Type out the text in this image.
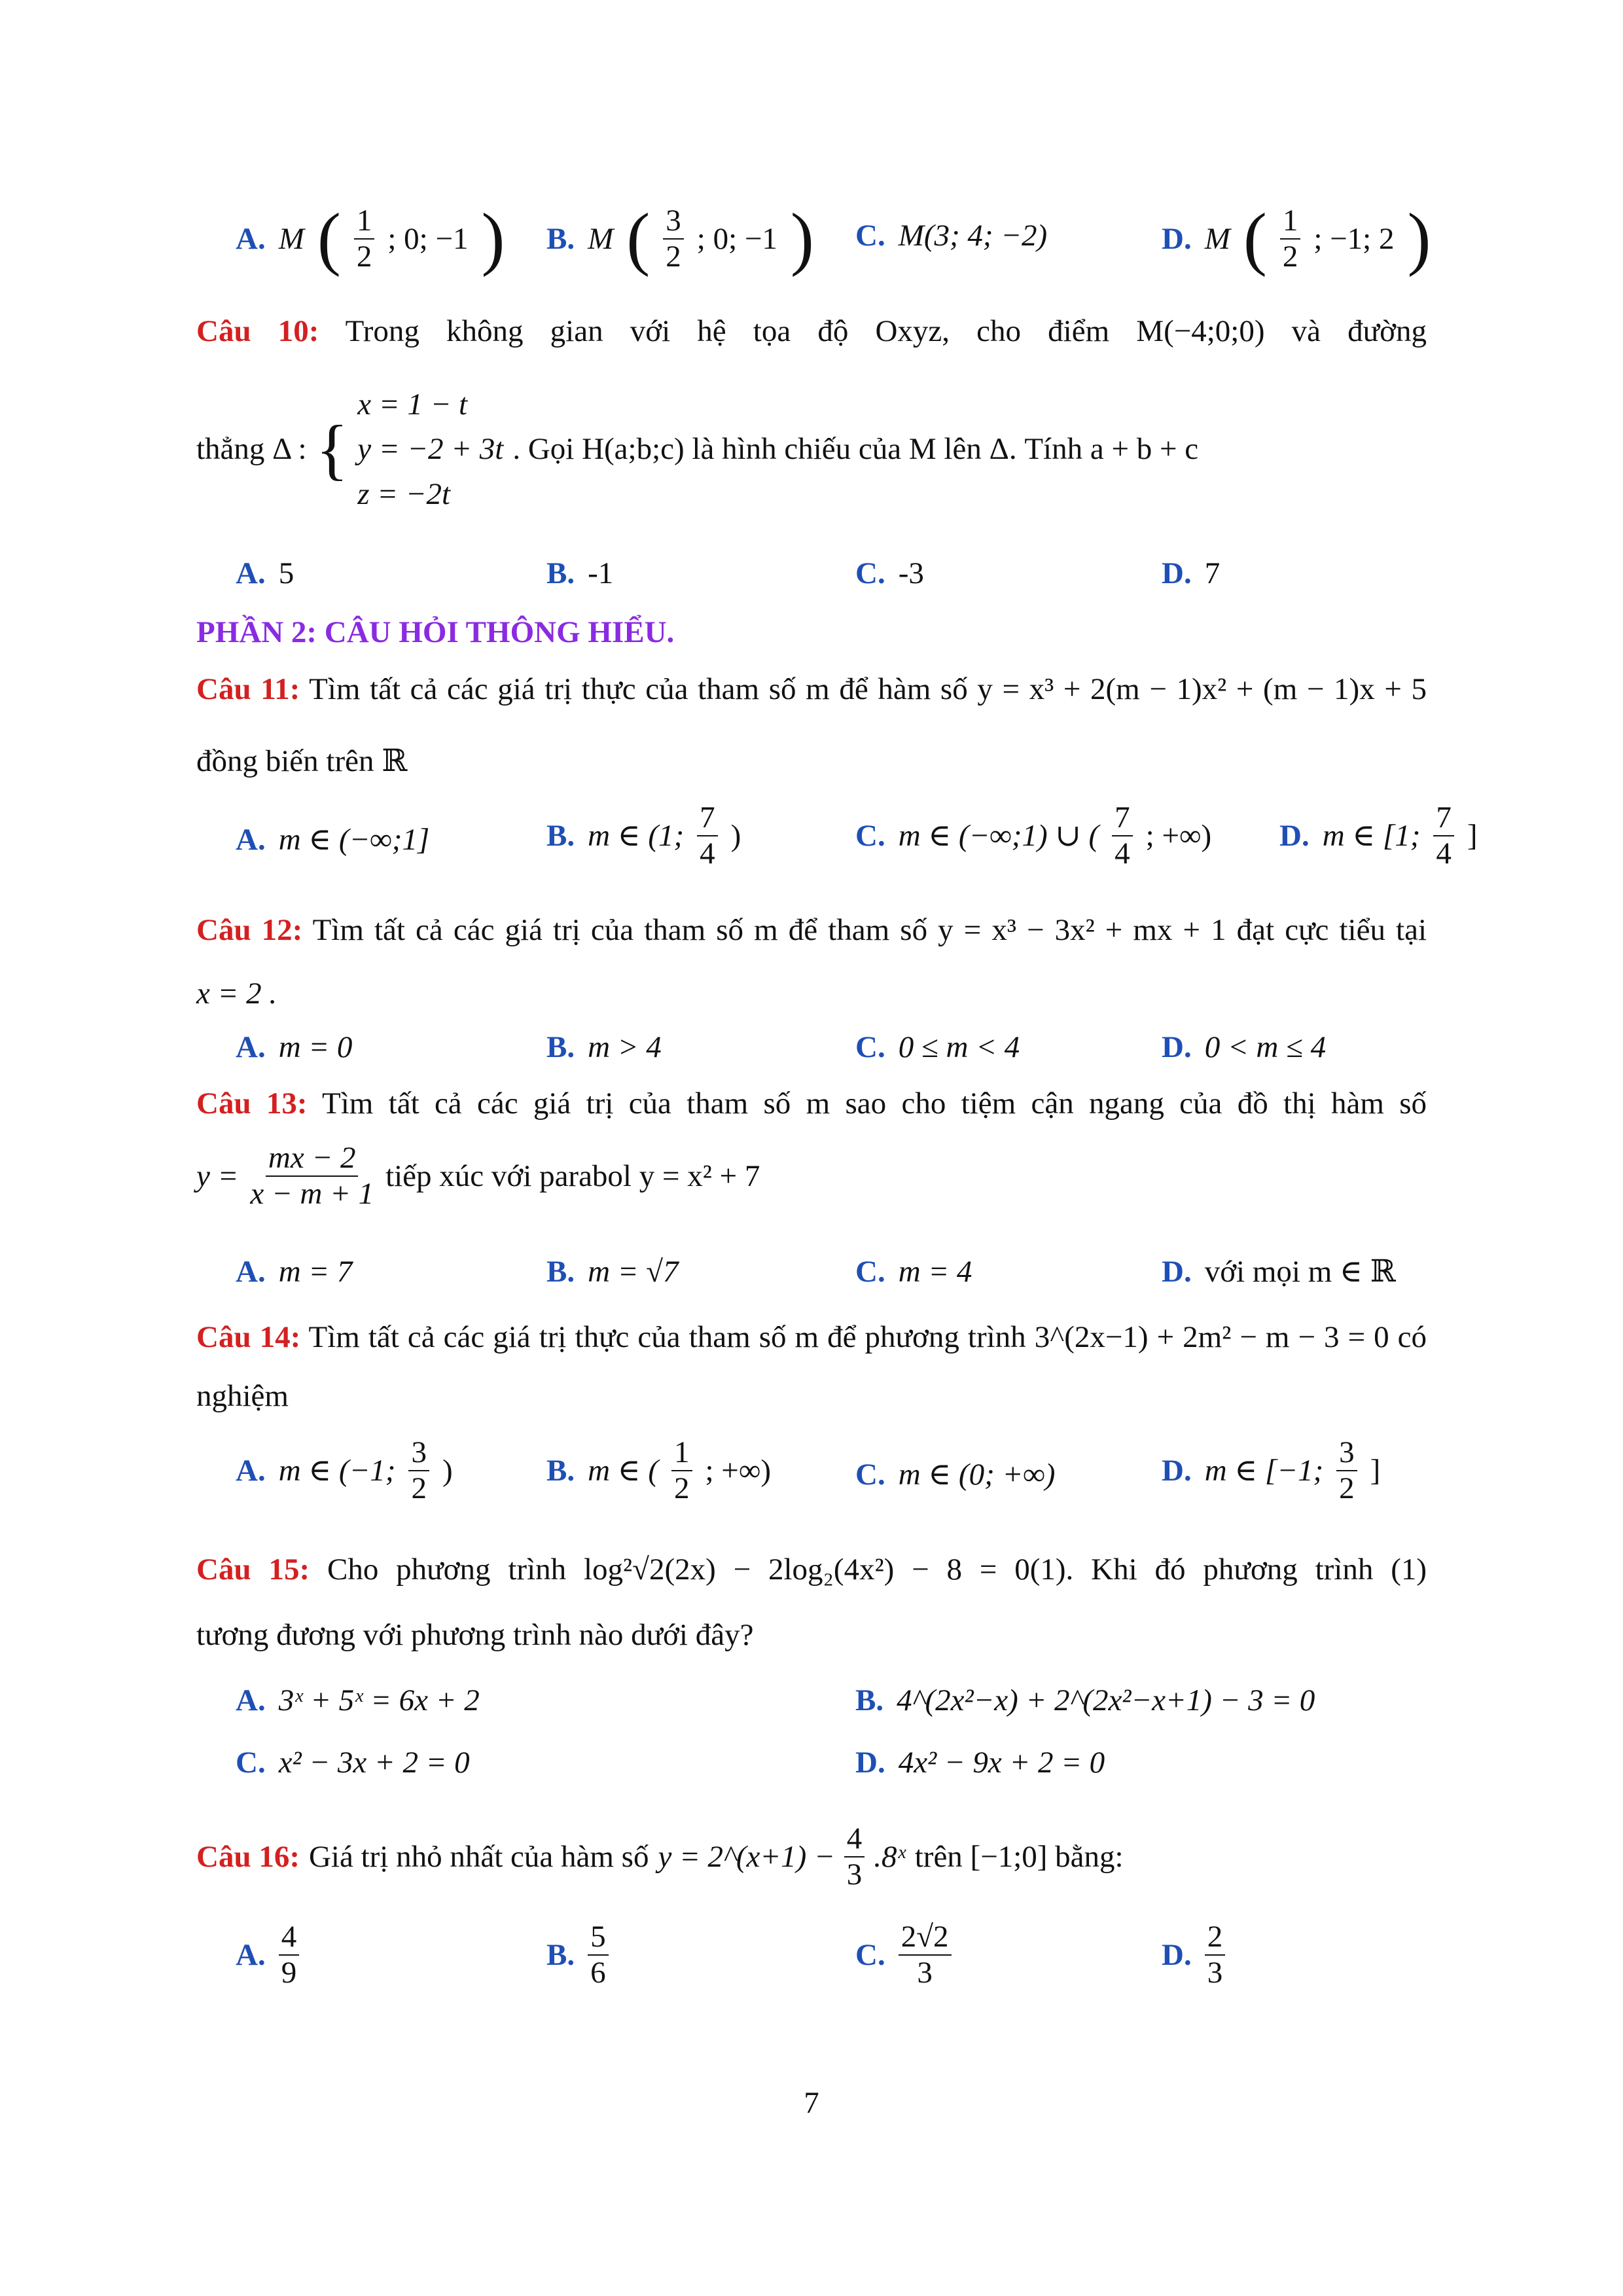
A. M ( $\frac{1}{2}$ ; 0; −1 ) B. M ( $\frac{3}{2}$ ; 0; −1 ) C. M(3; 4; −2)	D. M ( $\frac{1}{2}$ ; −1; 2 )
Câu 10: Trong không gian với hệ tọa độ Oxyz, cho điểm M(−4;0;0) và đường
thẳng Δ : {
x = 1 − t
y = −2 + 3t
z = −2t
. Gọi H(a;b;c) là hình chiếu của M lên Δ. Tính a + b + c
A. 5	B. -1	C. -3	D. 7
PHẦN 2: CÂU HỎI THÔNG HIỂU.
Câu 11: Tìm tất cả các giá trị thực của tham số m để hàm số y = x³ + 2(m − 1)x² + (m − 1)x + 5
đồng biến trên ℝ
A. m ∈ (−∞;1]	B. m ∈ (1; $\frac{7}{4}$ )	C. m ∈ (−∞;1) ∪ ( $\frac{7}{4}$ ; +∞) D. m ∈ [1; $\frac{7}{4}$ ]
Câu 12: Tìm tất cả các giá trị của tham số m để tham số y = x³ − 3x² + mx + 1 đạt cực tiểu tại
x = 2 .
A. m = 0	B. m > 4	C. 0 ≤ m < 4	D. 0 < m ≤ 4
Câu 13: Tìm tất cả các giá trị của tham số m sao cho tiệm cận ngang của đồ thị hàm số
$y = \frac{mx - 2}{x - m + 1}$ tiếp xúc với parabol y = x² + 7
A. m = 7	B. m = √7	C. m = 4	D. với mọi m ∈ ℝ
Câu 14: Tìm tất cả các giá trị thực của tham số m để phương trình 3^(2x−1) + 2m² − m − 3 = 0 có
nghiệm
A. m ∈ (−1; $\frac{3}{2}$ )	B. m ∈ ( $\frac{1}{2}$ ; +∞)	C. m ∈ (0; +∞)	D. m ∈ [−1; $\frac{3}{2}$ ]
Câu 15: Cho phương trình log²√2(2x) − 2log₂(4x²) − 8 = 0(1). Khi đó phương trình (1)
tương đương với phương trình nào dưới đây?
A. 3ˣ + 5ˣ = 6x + 2	B. 4^(2x²−x) + 2^(2x²−x+1) − 3 = 0
C. x² − 3x + 2 = 0	D. 4x² − 9x + 2 = 0
Câu 16: Giá trị nhỏ nhất của hàm số y = 2^(x+1) − $\frac{4}{3}$ .8ˣ trên [−1;0] bằng:
A. $\frac{4}{9}$	B. $\frac{5}{6}$	C. $\frac{2√2}{3}$	D. $\frac{2}{3}$
7
